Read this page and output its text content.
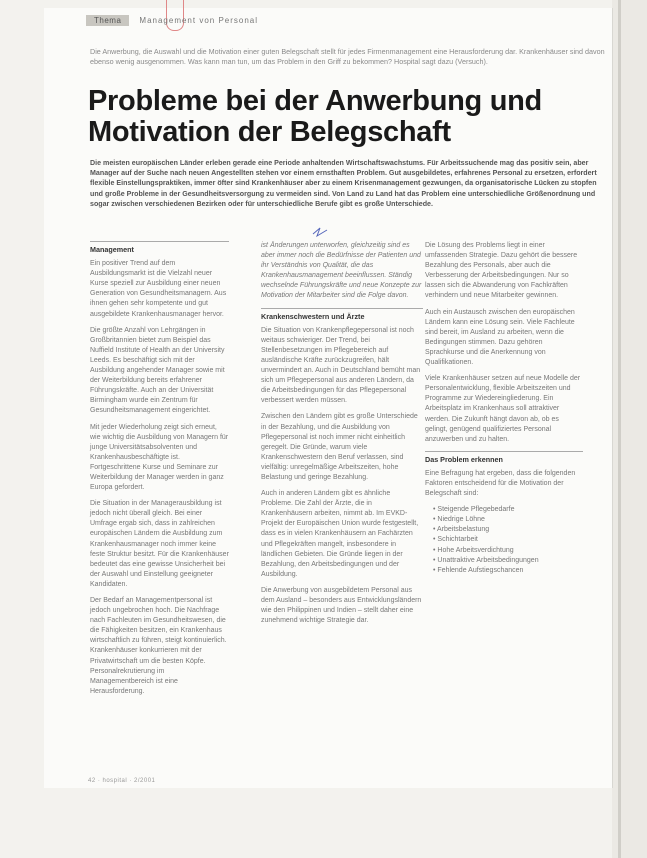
Thema	Management von Personal
Die Anwerbung, die Auswahl und die Motivation einer guten Belegschaft stellt für jedes Firmenmanagement eine Herausforderung dar. Krankenhäuser sind davon ebenso wenig ausgenommen. Was kann man tun, um das Problem in den Griff zu bekommen? Hospital sagt dazu (Versuch).
Probleme bei der Anwerbung und
Motivation der Belegschaft
Die meisten europäischen Länder erleben gerade eine Periode anhaltenden Wirtschaftswachstums. Für Arbeitssuchende mag das positiv sein, aber Manager auf der Suche nach neuen Angestellten stehen vor einem ernsthaften Problem. Gut ausgebildetes, erfahrenes Personal zu ersetzen, erfordert flexible Einstellungspraktiken, immer öfter sind Krankenhäuser aber zu einem Krisenmanagement gezwungen, da organisatorische Lücken zu stopfen und große Probleme in der Gesundheitsversorgung zu vermeiden sind. Von Land zu Land hat das Problem eine unterschiedliche Größenordnung und sogar zwischen verschiedenen Bezirken oder für unterschiedliche Berufe gibt es große Unterschiede.
Management

Ein positiver Trend auf dem Ausbildungsmarkt ist die Vielzahl neuer Kurse speziell zur Ausbildung einer neuen Generation von Gesundheitsmanagern. Aus ihnen gehen sehr kompetente und gut ausgebildete Krankenhausmanager hervor.

Die größte Anzahl von Lehrgängen in Großbritannien bietet zum Beispiel das Nuffield Institute of Health an der University Leeds. Es beschäftigt sich mit der Ausbildung angehender Manager sowie mit der Weiterbildung bereits erfahrener Führungskräfte. Auch an der Universität Birmingham wurde ein Zentrum für Gesundheitsmanagement eingerichtet.

Mit jeder Wiederholung zeigt sich erneut, wie wichtig die Ausbildung von Managern für junge Universitätsabsolventen und Krankenhausbeschäftigte ist. Fortgeschrittene Kurse und Seminare zur Weiterbildung der Manager werden in ganz Europa gefordert.

Die Situation in der Managerausbildung ist jedoch nicht überall gleich. Bei einer Umfrage ergab sich, dass in zahlreichen europäischen Ländern die Ausbildung zum Krankenhausmanager noch immer keine feste Struktur besitzt. Für die Krankenhäuser bedeutet das eine gewisse Unsicherheit bei der Auswahl und Einstellung geeigneter Kandidaten.

Der Bedarf an Managementpersonal ist jedoch ungebrochen hoch. Die Nachfrage nach Fachleuten im Gesundheitswesen, die die Fähigkeiten besitzen, ein Krankenhaus wirtschaftlich zu führen, steigt kontinuierlich. Krankenhäuser konkurrieren mit der Privatwirtschaft um die besten Köpfe. Personalrekrutierung im Managementbereich ist eine Herausforderung.

ist Änderungen unterworfen, gleichzeitig sind es aber immer noch die Bedürfnisse der Patienten und ihr Verständnis von Qualität, die das Krankenhausmanagement beeinflussen. Ständig wechselnde Führungskräfte und neue Konzepte zur Motivation der Mitarbeiter sind die Folge davon.

Krankenschwestern und Ärzte

Die Situation von Krankenpflegepersonal ist noch weitaus schwieriger. Der Trend, bei Stellenbesetzungen im Pflegebereich auf ausländische Kräfte zurückzugreifen, hält unvermindert an. Auch in Deutschland bemüht man sich um Pflegepersonal aus anderen Ländern, da die Arbeitsbedingungen für das Pflegepersonal verbessert werden müssen.

Zwischen den Ländern gibt es große Unterschiede in der Bezahlung, und die Ausbildung von Pflegepersonal ist noch immer nicht einheitlich geregelt. Die Gründe, warum viele Krankenschwestern den Beruf verlassen, sind vielfältig: unregelmäßige Arbeitszeiten, hohe Belastung und geringe Bezahlung.

Auch in anderen Ländern gibt es ähnliche Probleme. Die Zahl der Ärzte, die in Krankenhäusern arbeiten, nimmt ab. Im EVKD-Projekt der Europäischen Union wurde festgestellt, dass es in vielen Krankenhäusern an Fachärzten und Pflegekräften mangelt, insbesondere in ländlichen Gebieten. Die Gründe liegen in der Bezahlung, den Arbeitsbedingungen und der Ausbildung.

Die Anwerbung von ausgebildetem Personal aus dem Ausland – besonders aus Entwicklungsländern wie den Philippinen und Indien – stellt daher eine zunehmend wichtige Strategie dar.

Die Lösung des Problems liegt in einer umfassenden Strategie. Dazu gehört die bessere Bezahlung des Personals, aber auch die Verbesserung der Arbeitsbedingungen. Nur so lassen sich die Abwanderung von Fachkräften verhindern und neue Mitarbeiter gewinnen.

Auch ein Austausch zwischen den europäischen Ländern kann eine Lösung sein. Viele Fachleute sind bereit, im Ausland zu arbeiten, wenn die Bedingungen stimmen. Dazu gehören Sprachkurse und die Anerkennung von Qualifikationen.

Viele Krankenhäuser setzen auf neue Modelle der Personalentwicklung, flexible Arbeitszeiten und Programme zur Wiedereingliederung. Ein Arbeitsplatz im Krankenhaus soll attraktiver werden. Die Zukunft hängt davon ab, ob es gelingt, genügend qualifiziertes Personal anzuwerben und zu halten.

Das Problem erkennen

Eine Befragung hat ergeben, dass die folgenden Faktoren entscheidend für die Motivation der Belegschaft sind:

• Steigende Pflegebedarfe
• Niedrige Löhne
• Arbeitsbelastung
• Schichtarbeit
• Hohe Arbeitsverdichtung
• Unattraktive Arbeitsbedingungen
• Fehlende Aufstiegschancen
42 · hospital · 2/2001
